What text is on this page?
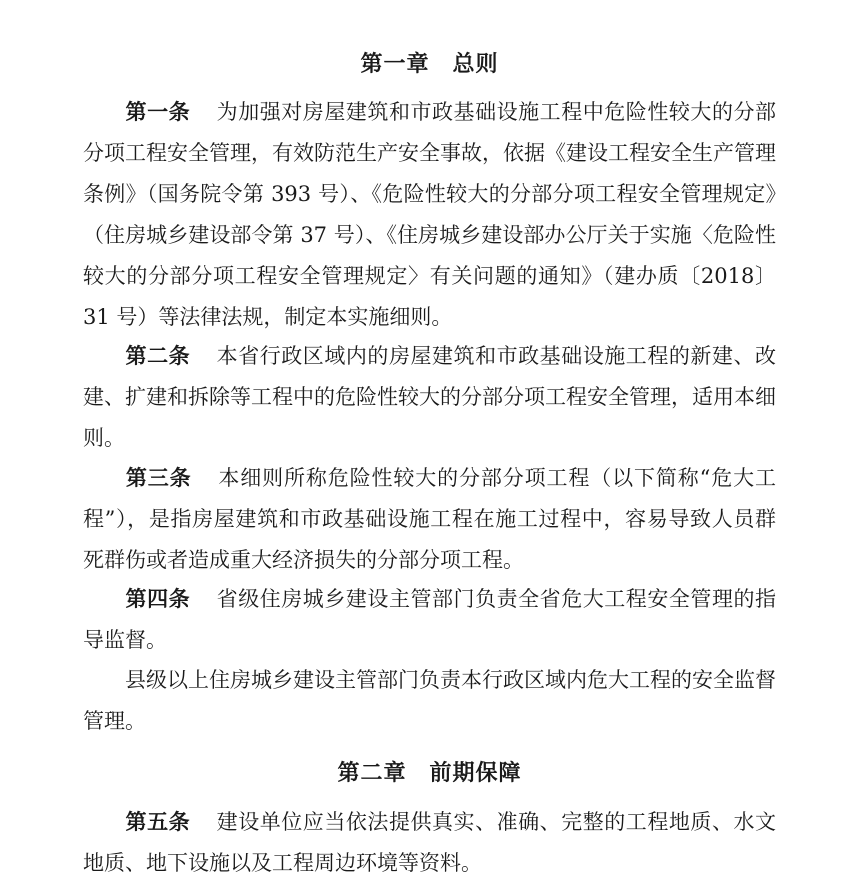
第一章　总则
第一条 为加强对房屋建筑和市政基础设施工程中危险性较大的分部分项工程安全管理，有效防范生产安全事故，依据《建设工程安全生产管理条例》（国务院令第 393 号）、《危险性较大的分部分项工程安全管理规定》（住房城乡建设部令第 37 号）、《住房城乡建设部办公厅关于实施〈危险性较大的分部分项工程安全管理规定〉有关问题的通知》（建办质〔2018〕31 号）等法律法规，制定本实施细则。
第二条 本省行政区域内的房屋建筑和市政基础设施工程的新建、改建、扩建和拆除等工程中的危险性较大的分部分项工程安全管理，适用本细则。
第三条 本细则所称危险性较大的分部分项工程（以下简称“危大工程”），是指房屋建筑和市政基础设施工程在施工过程中，容易导致人员群死群伤或者造成重大经济损失的分部分项工程。
第四条 省级住房城乡建设主管部门负责全省危大工程安全管理的指导监督。
县级以上住房城乡建设主管部门负责本行政区域内危大工程的安全监督管理。
第二章　前期保障
第五条 建设单位应当依法提供真实、准确、完整的工程地质、水文地质、地下设施以及工程周边环境等资料。
